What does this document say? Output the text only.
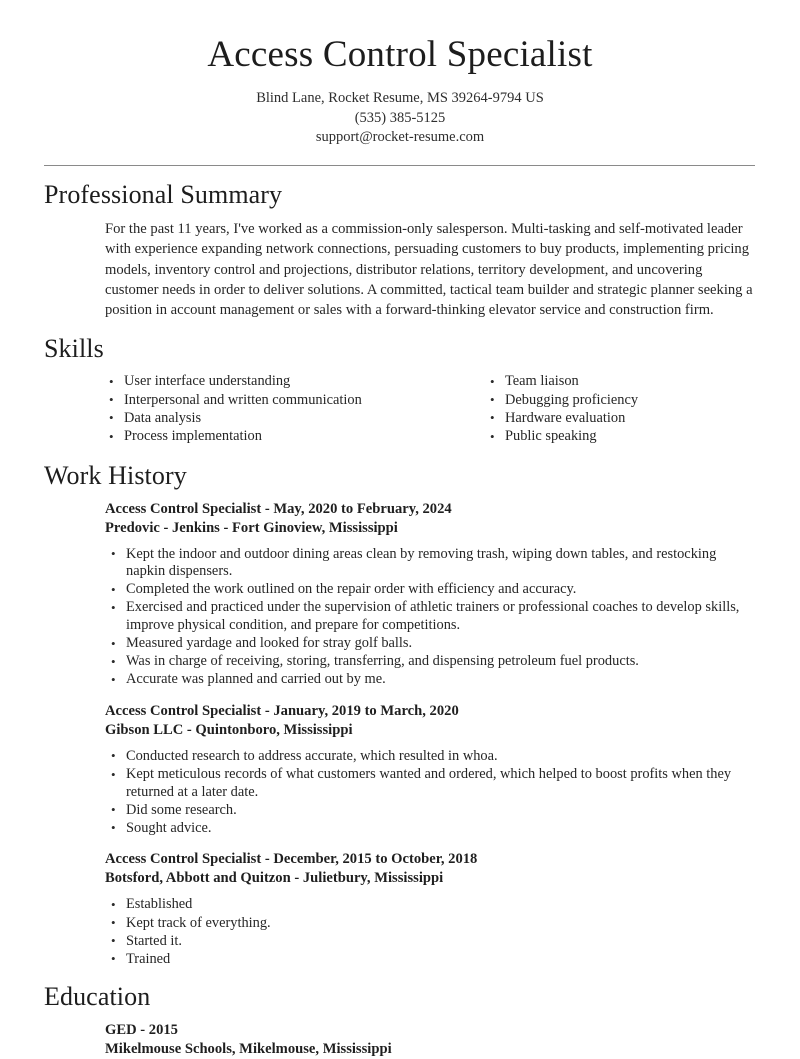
Access Control Specialist

Blind Lane, Rocket Resume, MS 39264-9794 US

(535) 385-5125

support@rocket-resume.com

Professional Summary

For the past 11 years, I've worked as a commission-only salesperson. Multi-tasking and self-motivated leader with experience expanding network connections, persuading customers to buy products, implementing pricing models, inventory control and projections, distributor relations, territory development, and uncovering customer needs in order to deliver solutions. A committed, tactical team builder and strategic planner seeking a position in account management or sales with a forward-thinking elevator service and construction firm.

Skills
• User interface understanding
• Interpersonal and written communication
• Data analysis
• Process implementation
• Team liaison
• Debugging proficiency
• Hardware evaluation
• Public speaking
Work History

Access Control Specialist - May, 2020 to February, 2024

Predovic - Jenkins - Fort Ginoview, Mississippi

• Kept the indoor and outdoor dining areas clean by removing trash, wiping down tables, and restocking napkin dispensers.
• Completed the work outlined on the repair order with efficiency and accuracy.
• Exercised and practiced under the supervision of athletic trainers or professional coaches to develop skills, improve physical condition, and prepare for competitions.
• Measured yardage and looked for stray golf balls.
• Was in charge of receiving, storing, transferring, and dispensing petroleum fuel products.
• Accurate was planned and carried out by me.

Access Control Specialist - January, 2019 to March, 2020

Gibson LLC - Quintonboro, Mississippi

• Conducted research to address accurate, which resulted in whoa.
• Kept meticulous records of what customers wanted and ordered, which helped to boost profits when they returned at a later date.
• Did some research.
• Sought advice.

Access Control Specialist - December, 2015 to October, 2018

Botsford, Abbott and Quitzon - Julietbury, Mississippi

• Established
• Kept track of everything.
• Started it.
• Trained
Education

GED - 2015

Mikelmouse Schools, Mikelmouse, Mississippi
